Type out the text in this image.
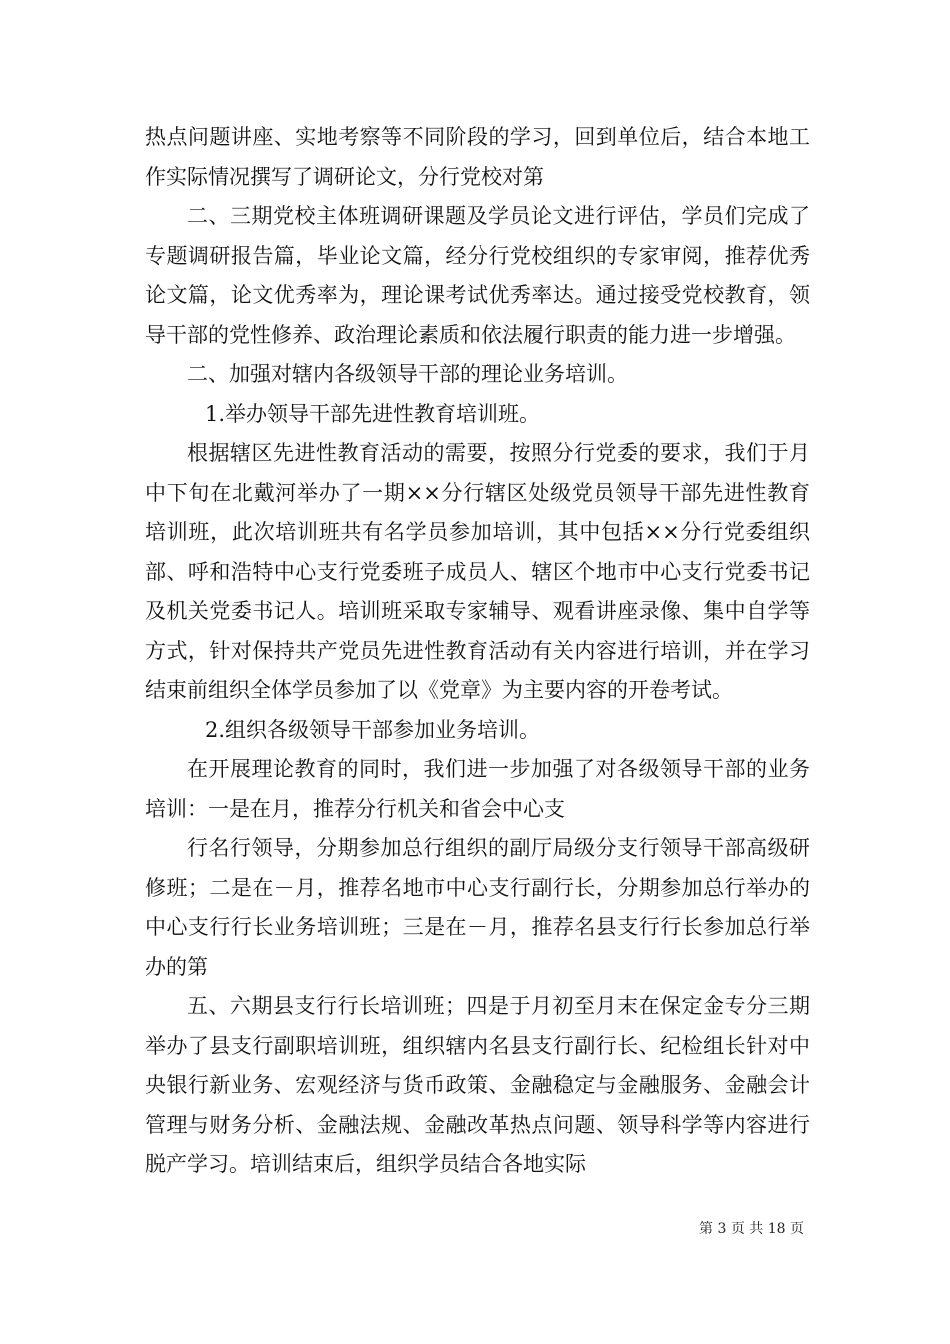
热点问题讲座、实地考察等不同阶段的学习，回到单位后，结合本地工作实际情况撰写了调研论文，分行党校对第

二、三期党校主体班调研课题及学员论文进行评估，学员们完成了专题调研报告篇，毕业论文篇，经分行党校组织的专家审阅，推荐优秀论文篇，论文优秀率为，理论课考试优秀率达。通过接受党校教育，领导干部的党性修养、政治理论素质和依法履行职责的能力进一步增强。

二、加强对辖内各级领导干部的理论业务培训。

1.举办领导干部先进性教育培训班。

根据辖区先进性教育活动的需要，按照分行党委的要求，我们于月中下旬在北戴河举办了一期××分行辖区处级党员领导干部先进性教育培训班，此次培训班共有名学员参加培训，其中包括××分行党委组织部、呼和浩特中心支行党委班子成员人、辖区个地市中心支行党委书记及机关党委书记人。培训班采取专家辅导、观看讲座录像、集中自学等方式，针对保持共产党员先进性教育活动有关内容进行培训，并在学习结束前组织全体学员参加了以《党章》为主要内容的开卷考试。

2.组织各级领导干部参加业务培训。

在开展理论教育的同时，我们进一步加强了对各级领导干部的业务培训：一是在月，推荐分行机关和省会中心支

行名行领导，分期参加总行组织的副厅局级分支行领导干部高级研修班；二是在－月，推荐名地市中心支行副行长，分期参加总行举办的中心支行行长业务培训班；三是在－月，推荐名县支行行长参加总行举办的第

五、六期县支行行长培训班；四是于月初至月末在保定金专分三期举办了县支行副职培训班，组织辖内名县支行副行长、纪检组长针对中央银行新业务、宏观经济与货币政策、金融稳定与金融服务、金融会计管理与财务分析、金融法规、金融改革热点问题、领导科学等内容进行脱产学习。培训结束后，组织学员结合各地实际

第 3 页 共 18 页
